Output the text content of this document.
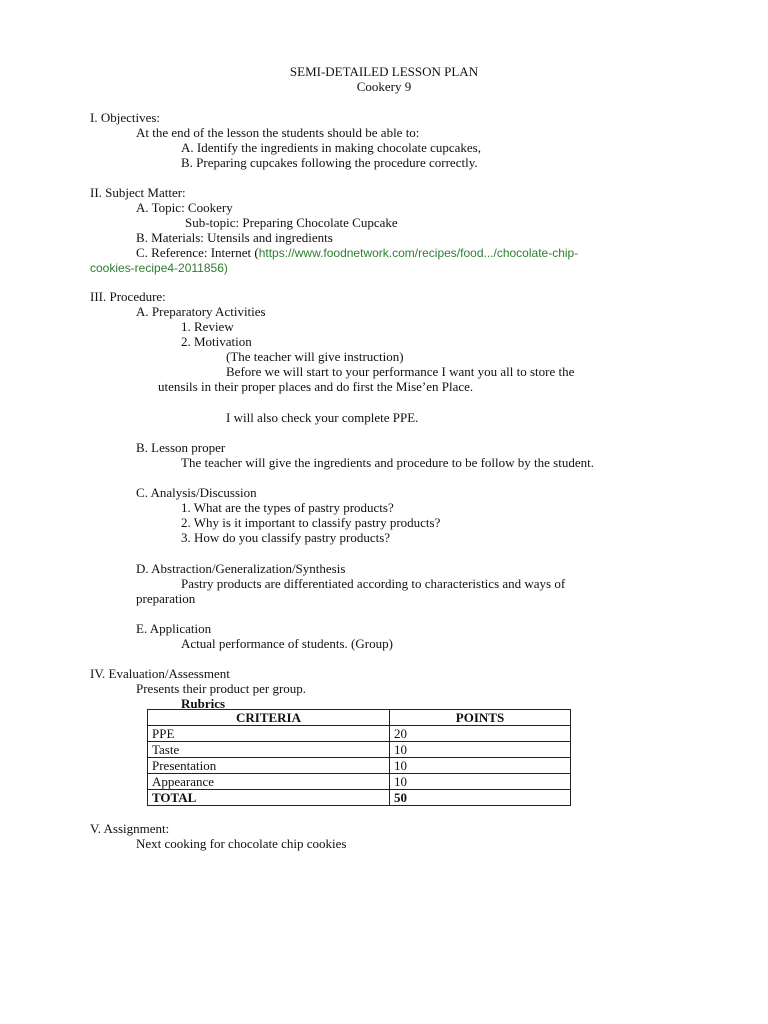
SEMI-DETAILED LESSON PLAN
Cookery 9
I. Objectives:
At the end of the lesson the students should be able to:
A. Identify the ingredients in making chocolate cupcakes,
B. Preparing cupcakes following the procedure correctly.
II. Subject Matter:
A. Topic: Cookery
Sub-topic: Preparing Chocolate Cupcake
B. Materials: Utensils and ingredients
C. Reference: Internet (https://www.foodnetwork.com/recipes/food.../chocolate-chip-
cookies-recipe4-2011856)
III. Procedure:
A. Preparatory Activities
1. Review
2. Motivation
(The teacher will give instruction)
Before we will start to your performance I want you all to store the
utensils in their proper places and do first the Mise’en Place.
I will also check your complete PPE.
B. Lesson proper
The teacher will give the ingredients and procedure to be follow by the student.
C. Analysis/Discussion
1. What are the types of pastry products?
2. Why is it important to classify pastry products?
3. How do you classify pastry products?
D. Abstraction/Generalization/Synthesis
Pastry products are differentiated according to characteristics and ways of
preparation
E. Application
Actual performance of students. (Group)
IV. Evaluation/Assessment
Presents their product per group.
Rubrics
CRITERIA	POINTS
PPE	20
Taste	10
Presentation	10
Appearance	10
TOTAL	50
V. Assignment:
Next cooking for chocolate chip cookies
